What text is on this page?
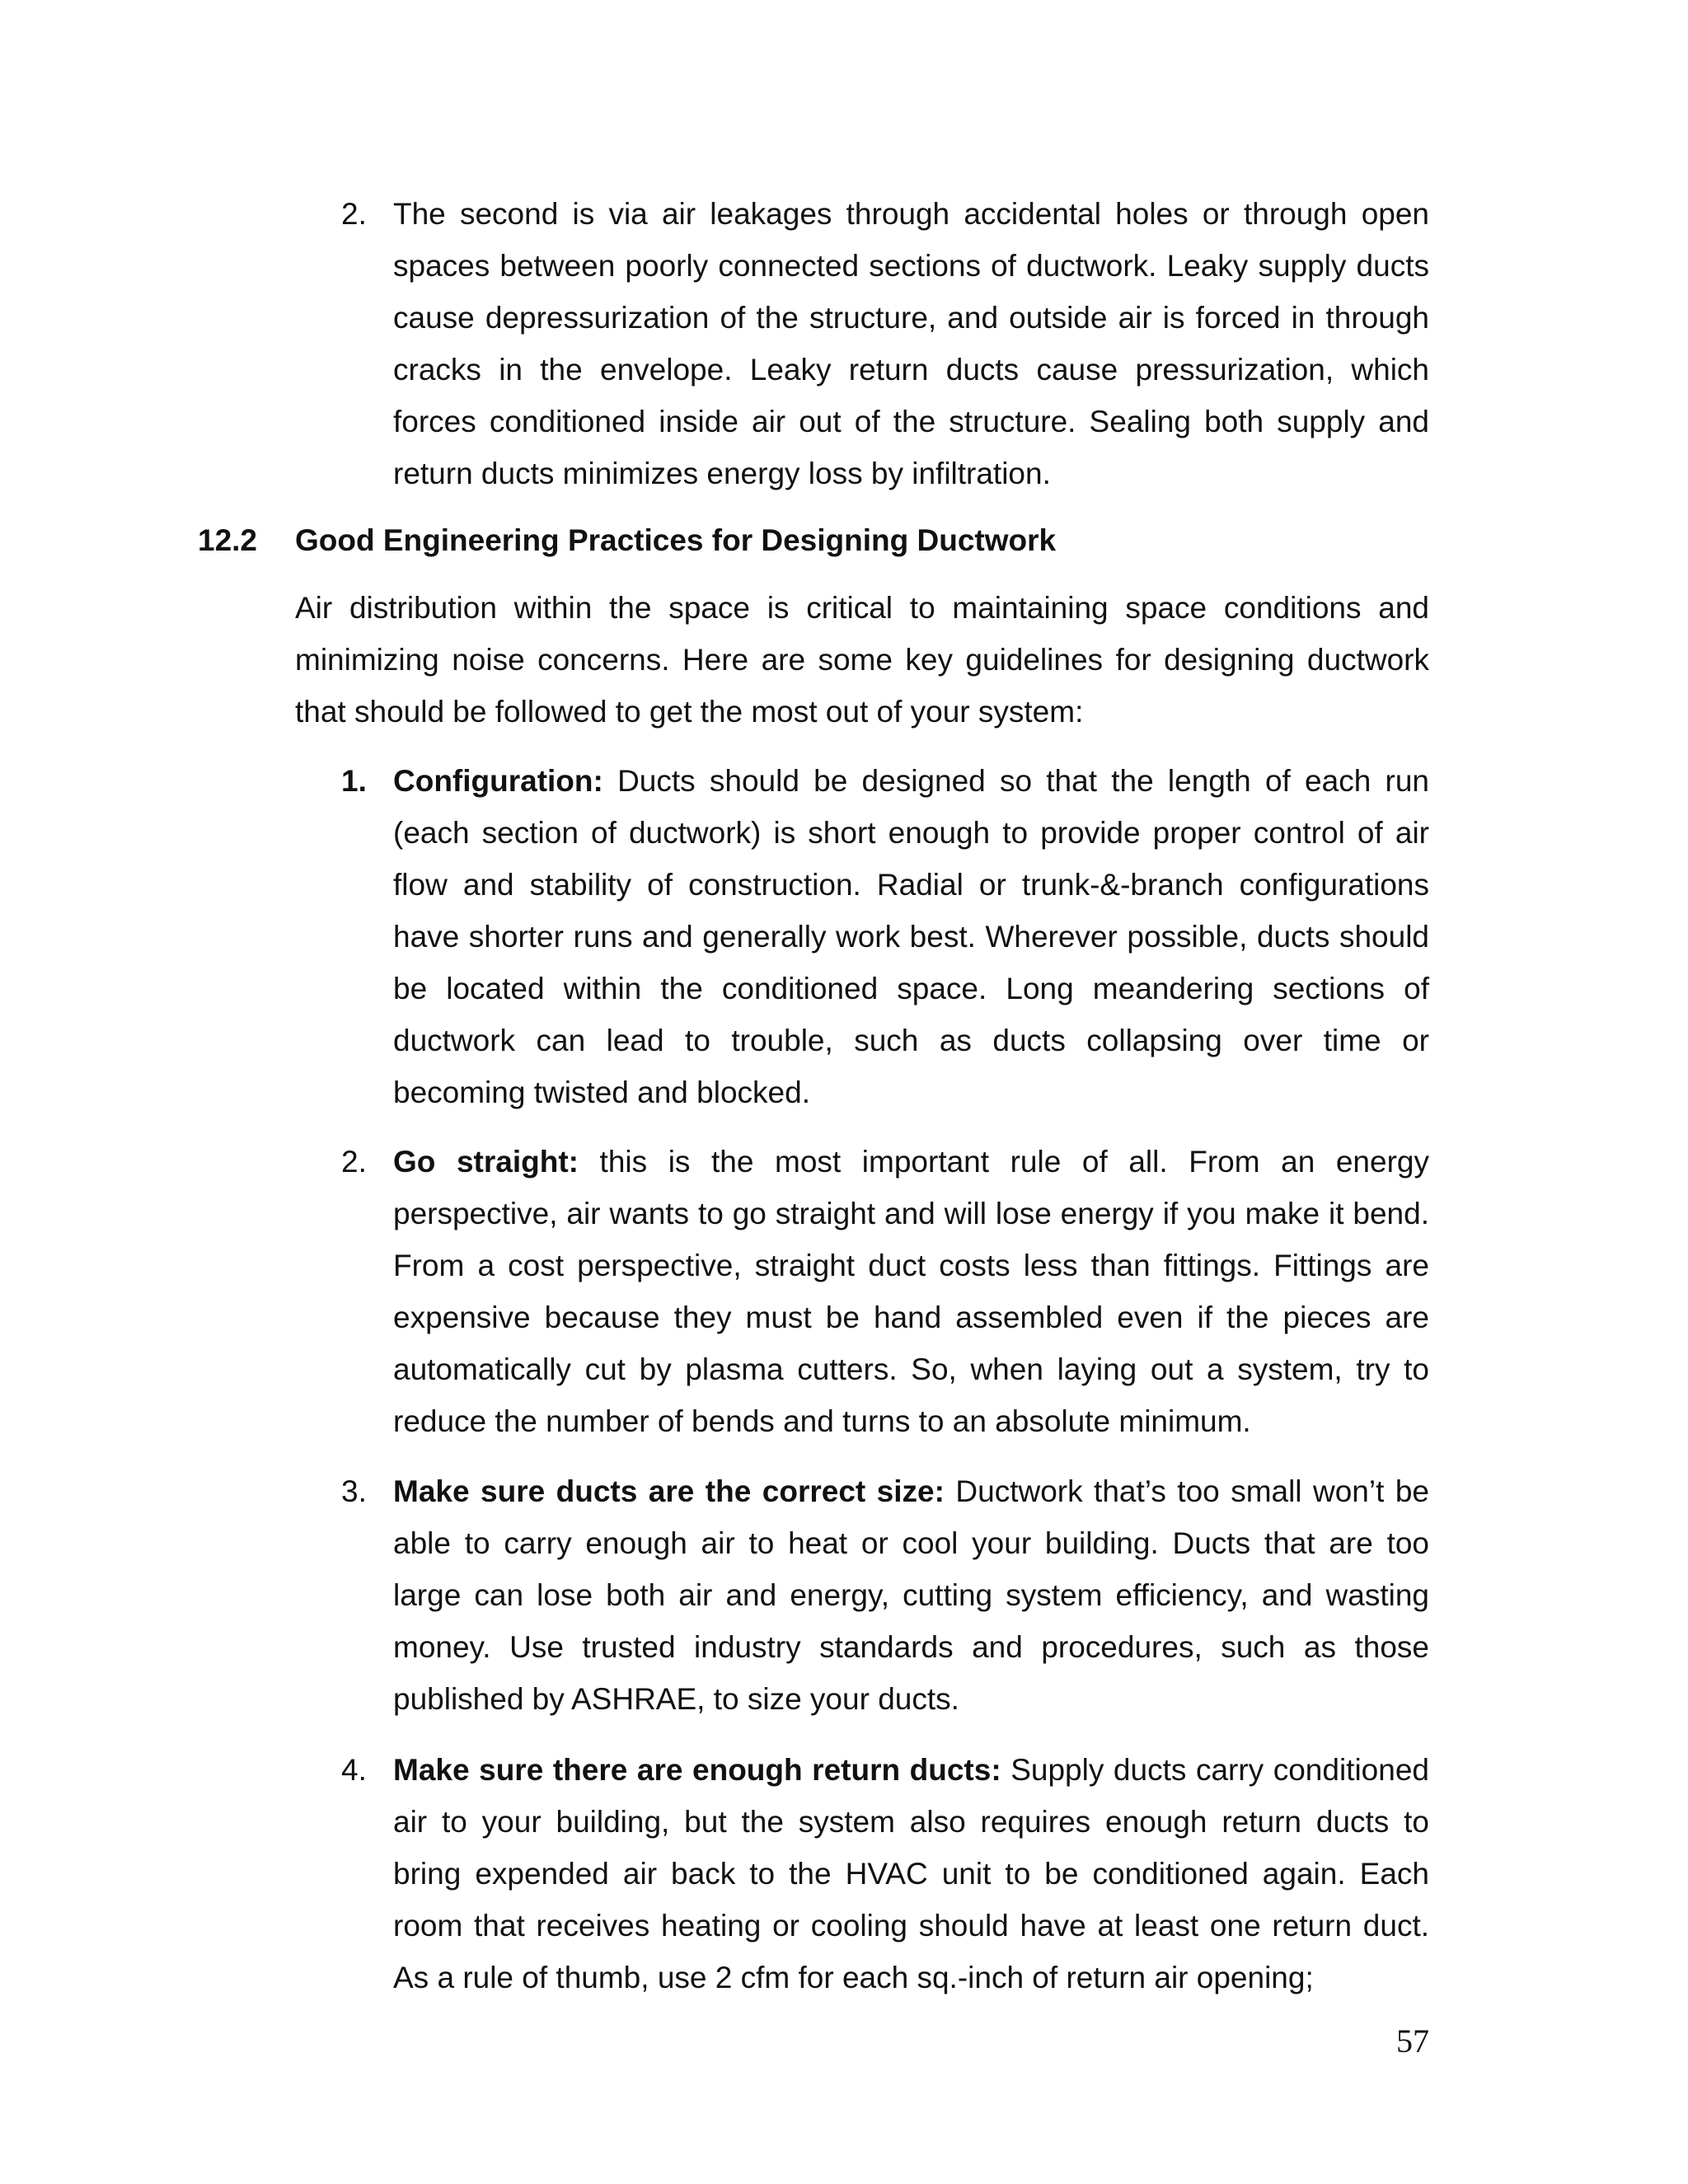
2. The second is via air leakages through accidental holes or through open spaces between poorly connected sections of ductwork. Leaky supply ducts cause depressurization of the structure, and outside air is forced in through cracks in the envelope. Leaky return ducts cause pressurization, which forces conditioned inside air out of the structure. Sealing both supply and return ducts minimizes energy loss by infiltration.

12.2 Good Engineering Practices for Designing Ductwork

Air distribution within the space is critical to maintaining space conditions and minimizing noise concerns. Here are some key guidelines for designing ductwork that should be followed to get the most out of your system:

1. Configuration: Ducts should be designed so that the length of each run (each section of ductwork) is short enough to provide proper control of air flow and stability of construction. Radial or trunk-&-branch configurations have shorter runs and generally work best. Wherever possible, ducts should be located within the conditioned space. Long meandering sections of ductwork can lead to trouble, such as ducts collapsing over time or becoming twisted and blocked.

2. Go straight: this is the most important rule of all. From an energy perspective, air wants to go straight and will lose energy if you make it bend. From a cost perspective, straight duct costs less than fittings. Fittings are expensive because they must be hand assembled even if the pieces are automatically cut by plasma cutters. So, when laying out a system, try to reduce the number of bends and turns to an absolute minimum.

3. Make sure ducts are the correct size: Ductwork that’s too small won’t be able to carry enough air to heat or cool your building. Ducts that are too large can lose both air and energy, cutting system efficiency, and wasting money. Use trusted industry standards and procedures, such as those published by ASHRAE, to size your ducts.

4. Make sure there are enough return ducts: Supply ducts carry conditioned air to your building, but the system also requires enough return ducts to bring expended air back to the HVAC unit to be conditioned again. Each room that receives heating or cooling should have at least one return duct. As a rule of thumb, use 2 cfm for each sq.-inch of return air opening;

57
